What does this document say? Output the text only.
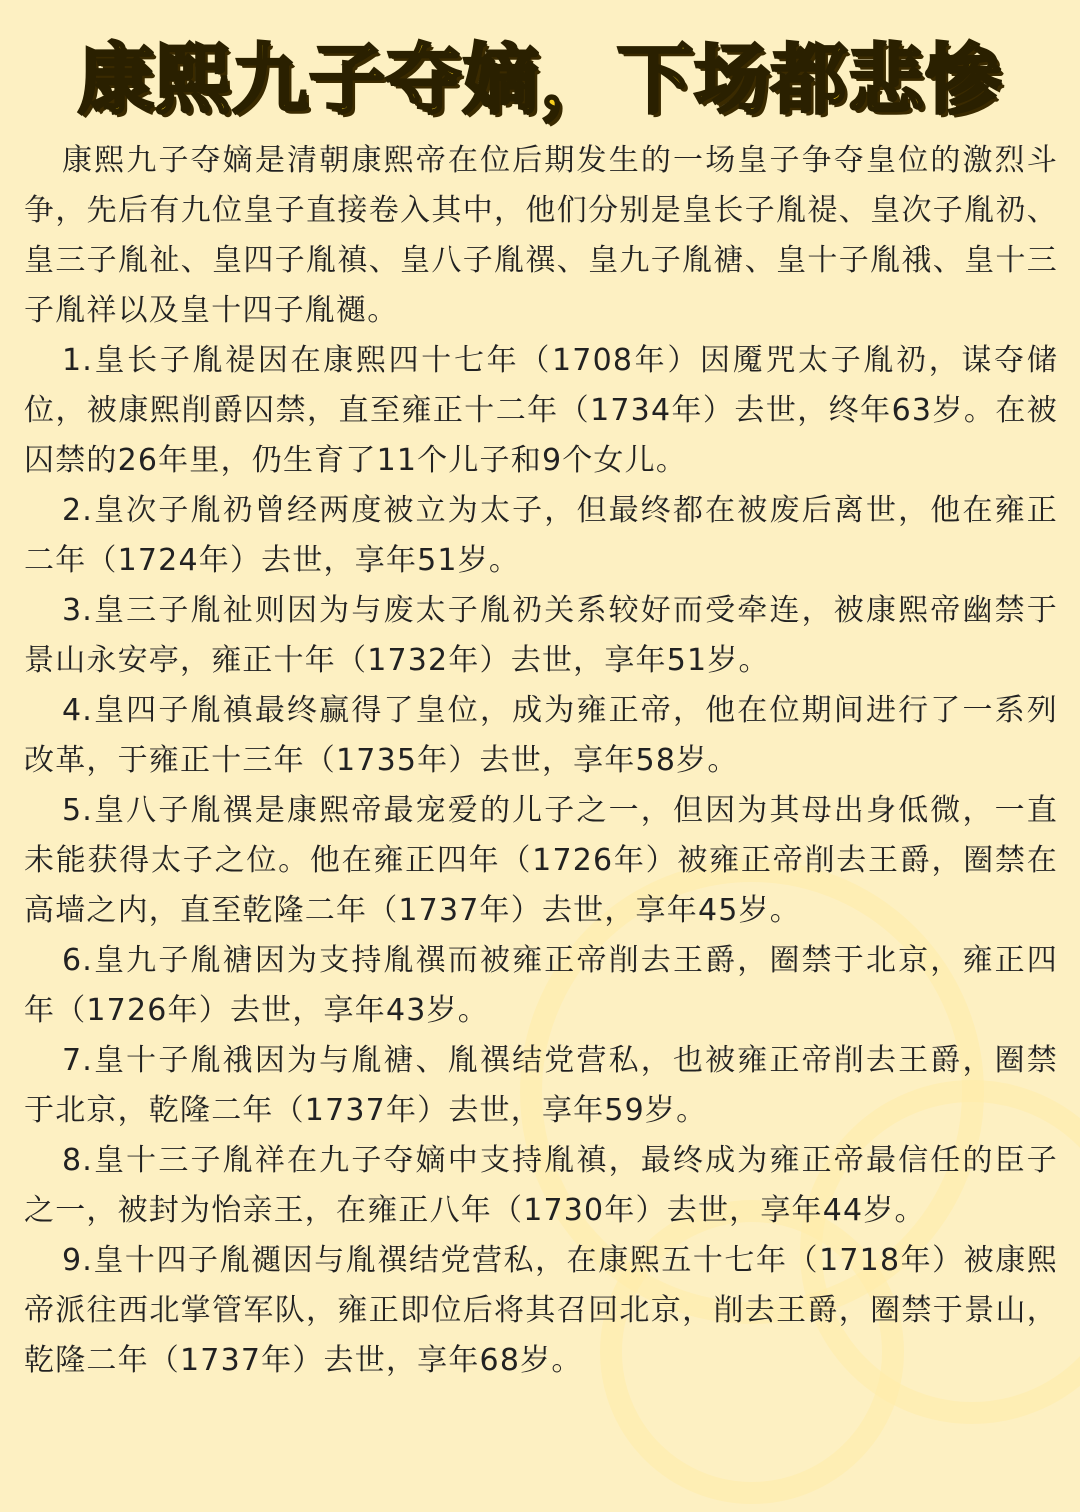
康熙九子夺嫡，下场都悲惨

康熙九子夺嫡是清朝康熙帝在位后期发生的一场皇子争夺皇位的激烈斗争，先后有九位皇子直接卷入其中，他们分别是皇长子胤禔、皇次子胤礽、皇三子胤祉、皇四子胤禛、皇八子胤禩、皇九子胤禟、皇十子胤䄉、皇十三子胤祥以及皇十四子胤禵。

1.皇长子胤禔因在康熙四十七年（1708年）因魇咒太子胤礽，谋夺储位，被康熙削爵囚禁，直至雍正十二年（1734年）去世，终年63岁。在被囚禁的26年里，仍生育了11个儿子和9个女儿。

2.皇次子胤礽曾经两度被立为太子，但最终都在被废后离世，他在雍正二年（1724年）去世，享年51岁。

3.皇三子胤祉则因为与废太子胤礽关系较好而受牵连，被康熙帝幽禁于景山永安亭，雍正十年（1732年）去世，享年51岁。

4.皇四子胤禛最终赢得了皇位，成为雍正帝，他在位期间进行了一系列改革，于雍正十三年（1735年）去世，享年58岁。

5.皇八子胤禩是康熙帝最宠爱的儿子之一，但因为其母出身低微，一直未能获得太子之位。他在雍正四年（1726年）被雍正帝削去王爵，圈禁在高墙之内，直至乾隆二年（1737年）去世，享年45岁。

6.皇九子胤禟因为支持胤禩而被雍正帝削去王爵，圈禁于北京，雍正四年（1726年）去世，享年43岁。

7.皇十子胤䄉因为与胤禟、胤禩结党营私，也被雍正帝削去王爵，圈禁于北京，乾隆二年（1737年）去世，享年59岁。

8.皇十三子胤祥在九子夺嫡中支持胤禛，最终成为雍正帝最信任的臣子之一，被封为怡亲王，在雍正八年（1730年）去世，享年44岁。

9.皇十四子胤禵因与胤禩结党营私，在康熙五十七年（1718年）被康熙帝派往西北掌管军队，雍正即位后将其召回北京，削去王爵，圈禁于景山，乾隆二年（1737年）去世，享年68岁。
